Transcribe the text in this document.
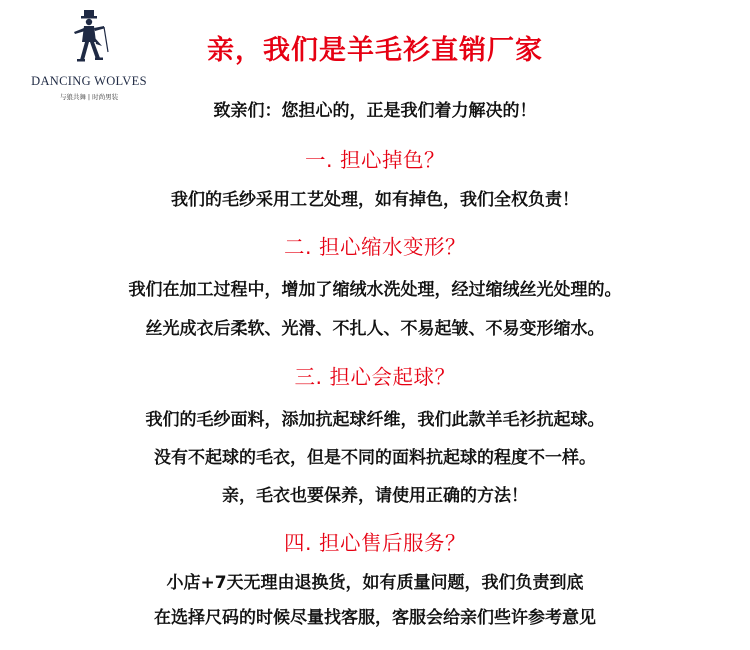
DANCING WOLVES
与狼共舞 | 时尚男装
亲，我们是羊毛衫直销厂家
致亲们：您担心的，正是我们着力解决的！
一. 担心掉色？
我们的毛纱采用工艺处理，如有掉色，我们全权负责！
二. 担心缩水变形？
我们在加工过程中，增加了缩绒水洗处理，经过缩绒丝光处理的。
丝光成衣后柔软、光滑、不扎人、不易起皱、不易变形缩水。
三. 担心会起球？
我们的毛纱面料，添加抗起球纤维，我们此款羊毛衫抗起球。
没有不起球的毛衣，但是不同的面料抗起球的程度不一样。
亲，毛衣也要保养，请使用正确的方法！
四. 担心售后服务？
小店+7天无理由退换货，如有质量问题，我们负责到底
在选择尺码的时候尽量找客服，客服会给亲们些许参考意见
